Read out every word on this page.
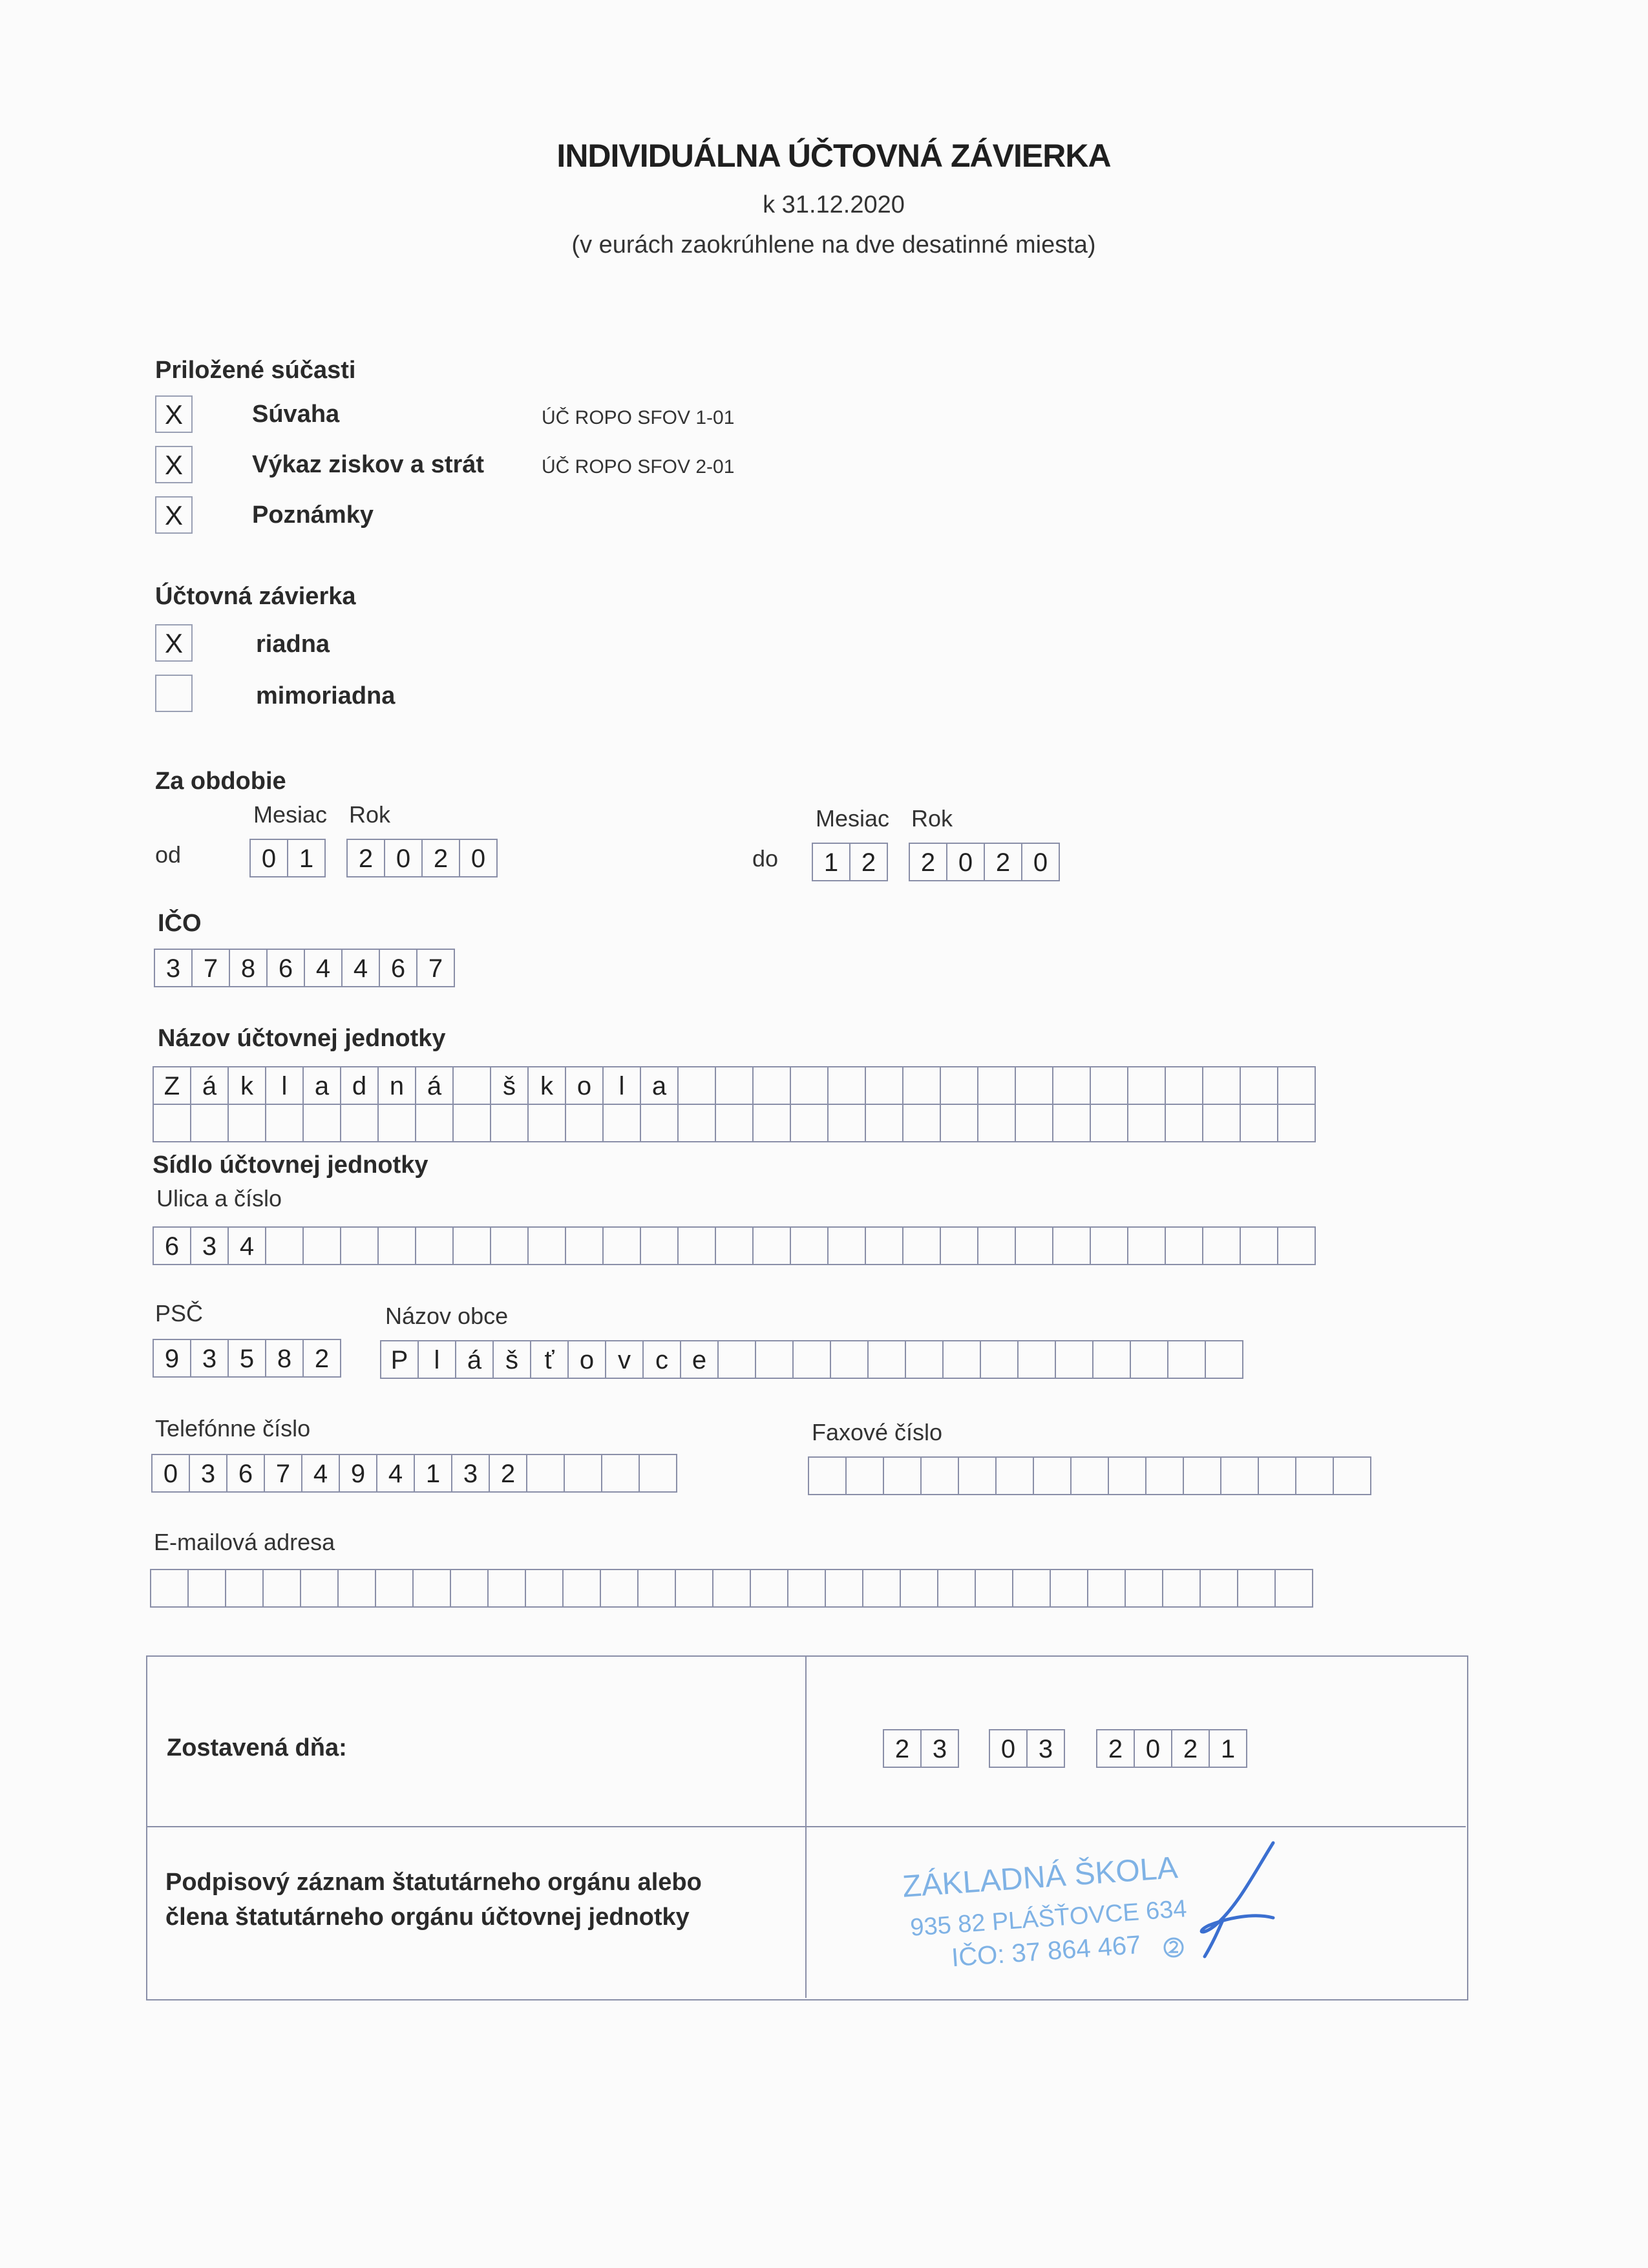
INDIVIDUÁLNA ÚČTOVNÁ ZÁVIERKA
k 31.12.2020
(v eurách zaokrúhlene na dve desatinné miesta)
Priložené súčasti
X	Súvaha	ÚČ ROPO SFOV 1-01
X	Výkaz ziskov a strát	ÚČ ROPO SFOV 2-01
X	Poznámky
Účtovná závierka
X	riadna
mimoriadna
Za obdobie
Mesiac Rok	Mesiac Rok
od	0 1	2 0 2 0	do	1 2	2 0 2 0
IČO
3 7 8 6 4 4 6 7
Názov účtovnej jednotky
Z á k	l	a d n á	š k o	l	a
Sídlo účtovnej jednotky
Ulica a číslo
6 3 4
PSČ
9 3 5 8 2
Názov obce
P	l	á š	ť o v c e
Telefónne číslo
0 3 6 7 4 9 4 1 3 2
Faxové číslo
E-mailová adresa
Zostavená dňa:	2 3	0 3	2 0 2 1
Podpisový záznam štatutárneho orgánu alebo
člena štatutárneho orgánu účtovnej jednotky
ZÁKLADNÁ ŠKOLA
935 82 PLÁŠŤOVCE 634
IČO: 37 864 467
